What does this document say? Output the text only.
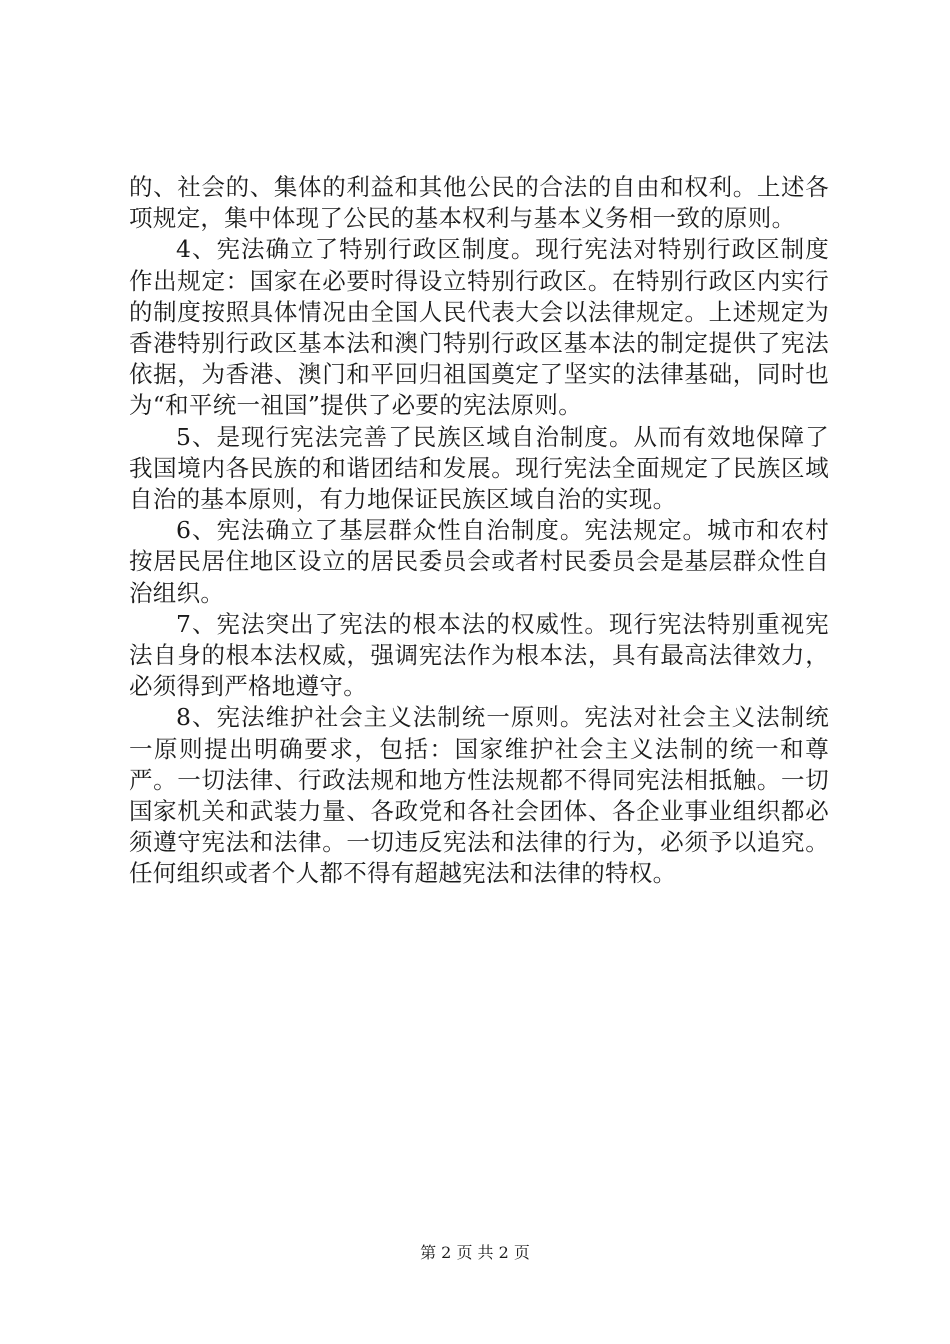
的、社会的、集体的利益和其他公民的合法的自由和权利。上述各项规定，集中体现了公民的基本权利与基本义务相一致的原则。

4、宪法确立了特别行政区制度。现行宪法对特别行政区制度作出规定：国家在必要时得设立特别行政区。在特别行政区内实行的制度按照具体情况由全国人民代表大会以法律规定。上述规定为香港特别行政区基本法和澳门特别行政区基本法的制定提供了宪法依据，为香港、澳门和平回归祖国奠定了坚实的法律基础，同时也为“和平统一祖国”提供了必要的宪法原则。

5、是现行宪法完善了民族区域自治制度。从而有效地保障了我国境内各民族的和谐团结和发展。现行宪法全面规定了民族区域自治的基本原则，有力地保证民族区域自治的实现。

6、宪法确立了基层群众性自治制度。宪法规定。城市和农村按居民居住地区设立的居民委员会或者村民委员会是基层群众性自治组织。

7、宪法突出了宪法的根本法的权威性。现行宪法特别重视宪法自身的根本法权威，强调宪法作为根本法，具有最高法律效力，必须得到严格地遵守。

8、宪法维护社会主义法制统一原则。宪法对社会主义法制统一原则提出明确要求，包括：国家维护社会主义法制的统一和尊严。一切法律、行政法规和地方性法规都不得同宪法相抵触。一切国家机关和武装力量、各政党和各社会团体、各企业事业组织都必须遵守宪法和法律。一切违反宪法和法律的行为，必须予以追究。任何组织或者个人都不得有超越宪法和法律的特权。

第 2 页 共 2 页
